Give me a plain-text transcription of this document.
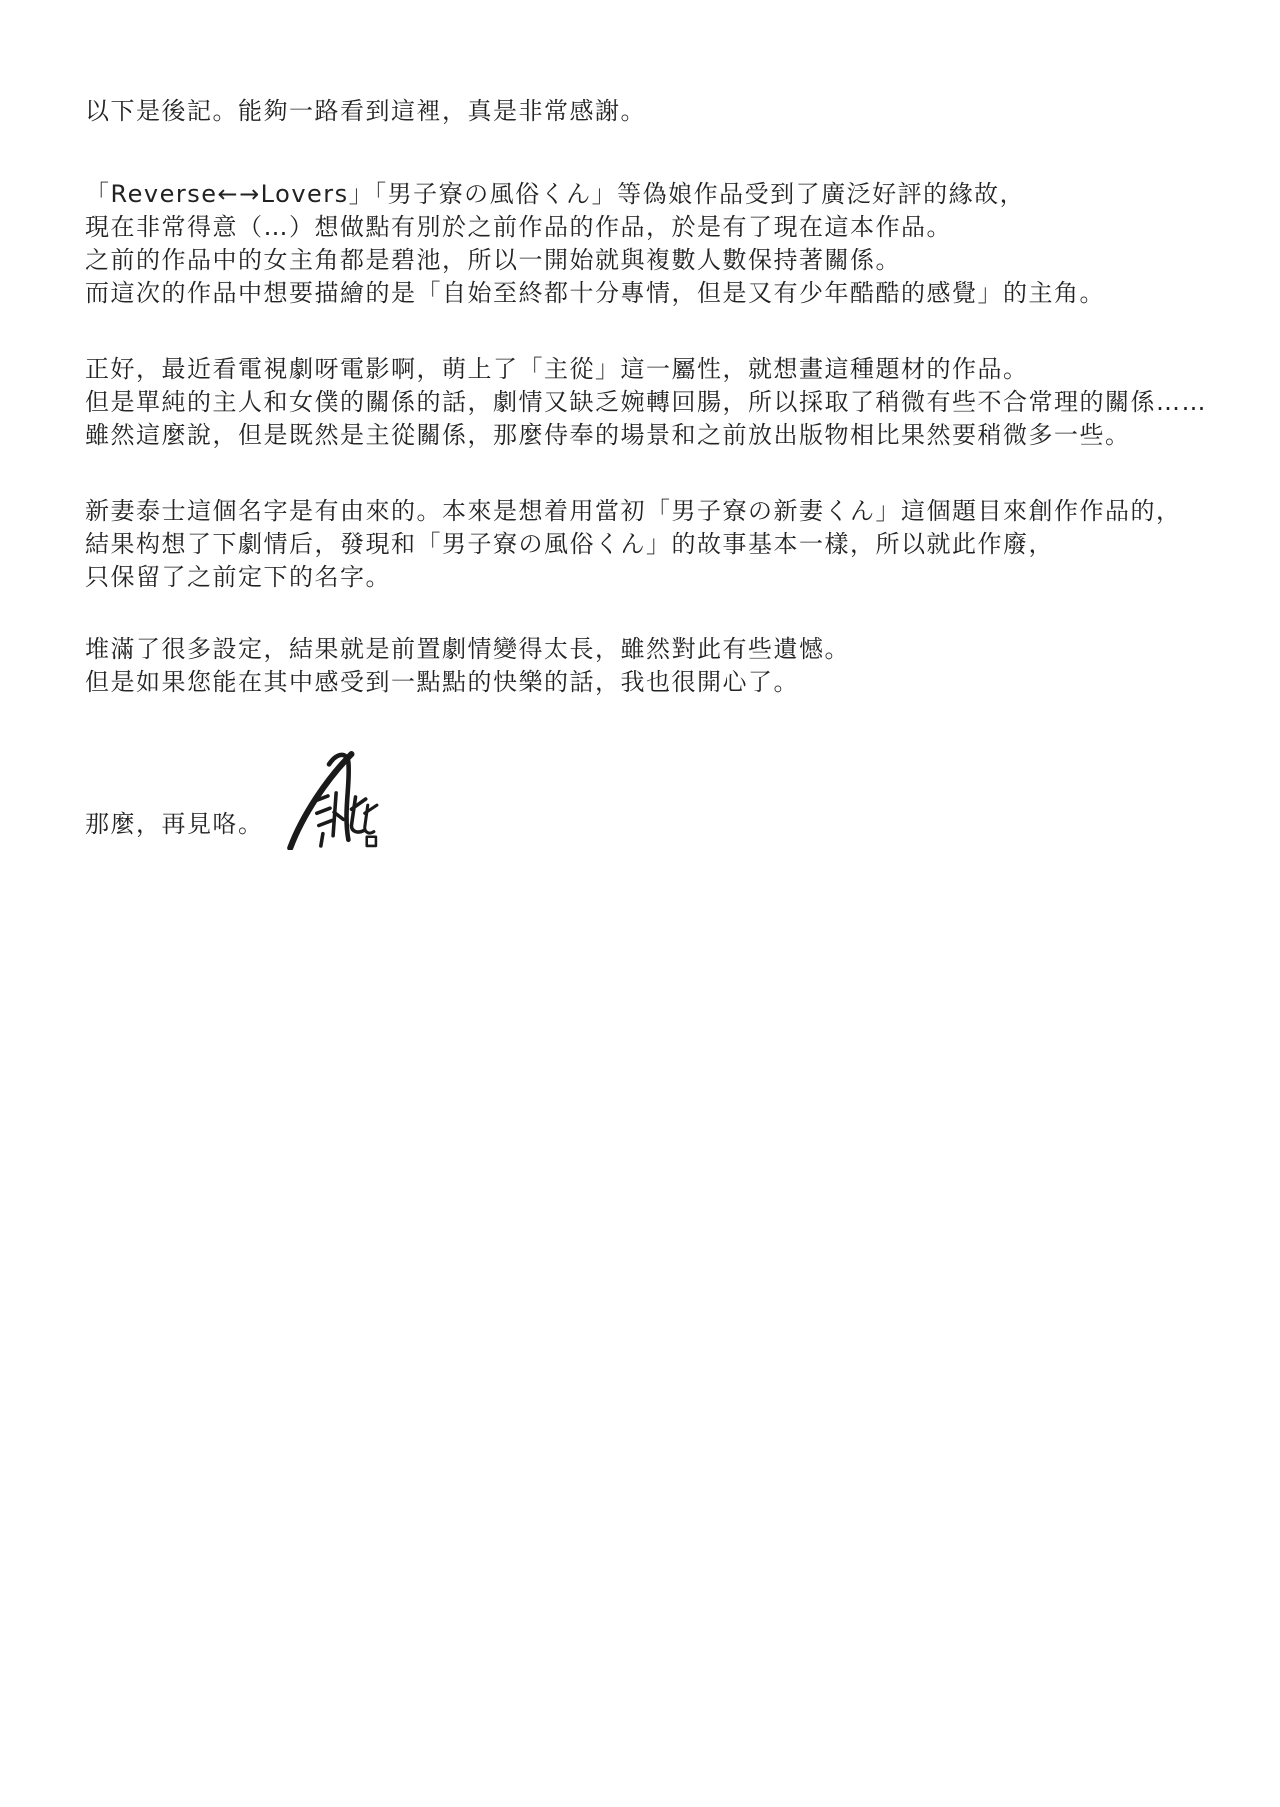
以下是後記。能夠一路看到這裡，真是非常感謝。
「Reverse←→Lovers」「男子寮の風俗くん」等偽娘作品受到了廣泛好評的緣故，
現在非常得意（…）想做點有別於之前作品的作品，於是有了現在這本作品。
之前的作品中的女主角都是碧池，所以一開始就與複數人數保持著關係。
而這次的作品中想要描繪的是「自始至終都十分專情，但是又有少年酷酷的感覺」的主角。
正好，最近看電視劇呀電影啊，萌上了「主從」這一屬性，就想畫這種題材的作品。
但是單純的主人和女僕的關係的話，劇情又缺乏婉轉回腸，所以採取了稍微有些不合常理的關係……
雖然這麼說，但是既然是主從關係，那麼侍奉的場景和之前放出版物相比果然要稍微多一些。
新妻泰士這個名字是有由來的。本來是想着用當初「男子寮の新妻くん」這個題目來創作作品的，
結果构想了下劇情后，發現和「男子寮の風俗くん」的故事基本一樣，所以就此作廢，
只保留了之前定下的名字。
堆滿了很多設定，結果就是前置劇情變得太長，雖然對此有些遺憾。
但是如果您能在其中感受到一點點的快樂的話，我也很開心了。
那麼，再見咯。
